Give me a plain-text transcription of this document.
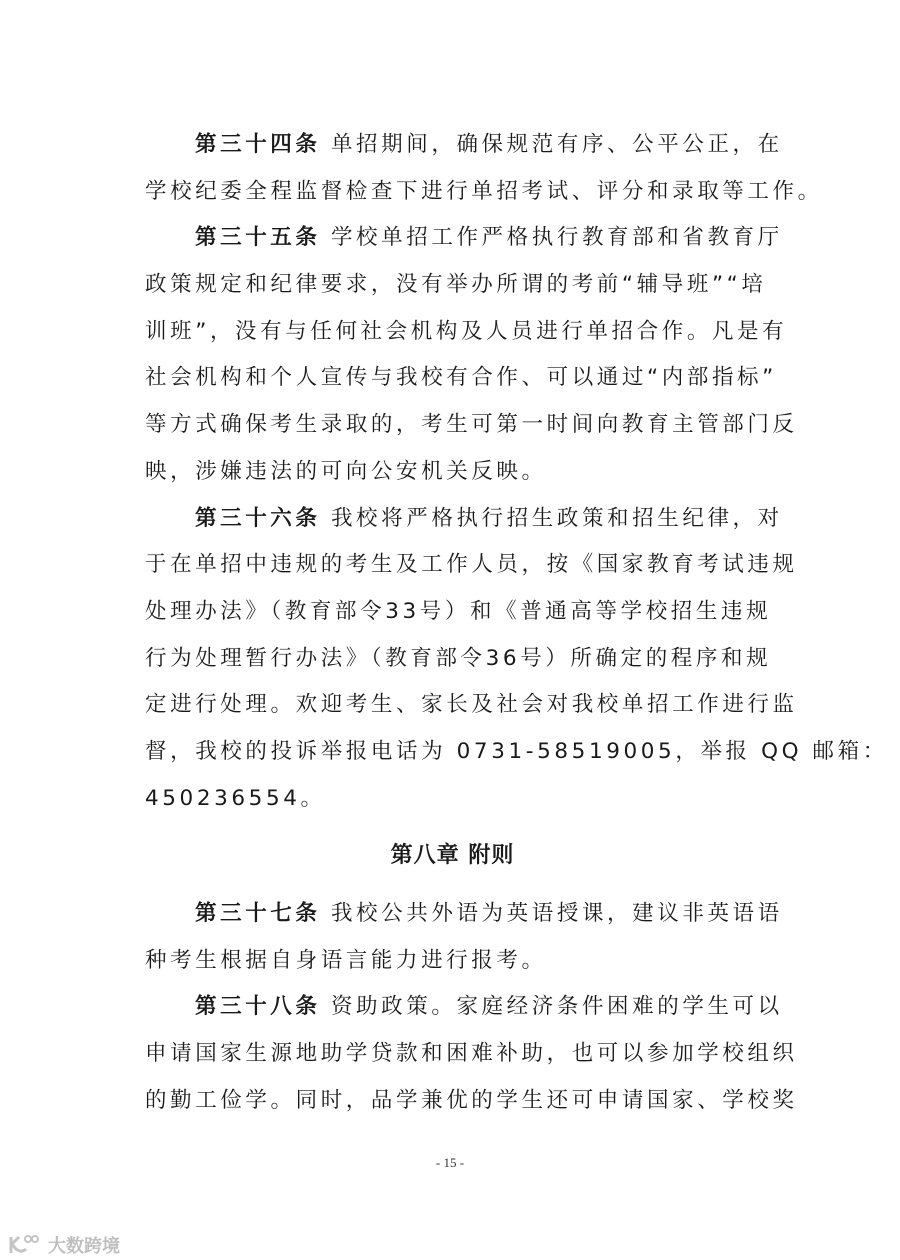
第三十四条 单招期间，确保规范有序、公平公正，在
学校纪委全程监督检查下进行单招考试、评分和录取等工作。
第三十五条 学校单招工作严格执行教育部和省教育厅
政策规定和纪律要求，没有举办所谓的考前“辅导班”“培
训班”，没有与任何社会机构及人员进行单招合作。凡是有
社会机构和个人宣传与我校有合作、可以通过“内部指标”
等方式确保考生录取的，考生可第一时间向教育主管部门反
映，涉嫌违法的可向公安机关反映。
第三十六条 我校将严格执行招生政策和招生纪律，对
于在单招中违规的考生及工作人员，按《国家教育考试违规
处理办法》（教育部令33号）和《普通高等学校招生违规
行为处理暂行办法》（教育部令36号）所确定的程序和规
定进行处理。欢迎考生、家长及社会对我校单招工作进行监
督，我校的投诉举报电话为 0731-58519005，举报 QQ 邮箱：
450236554。
第八章 附则
第三十七条 我校公共外语为英语授课，建议非英语语
种考生根据自身语言能力进行报考。
第三十八条 资助政策。家庭经济条件困难的学生可以
申请国家生源地助学贷款和困难补助，也可以参加学校组织
的勤工俭学。同时，品学兼优的学生还可申请国家、学校奖
- 15 -
大数跨境
